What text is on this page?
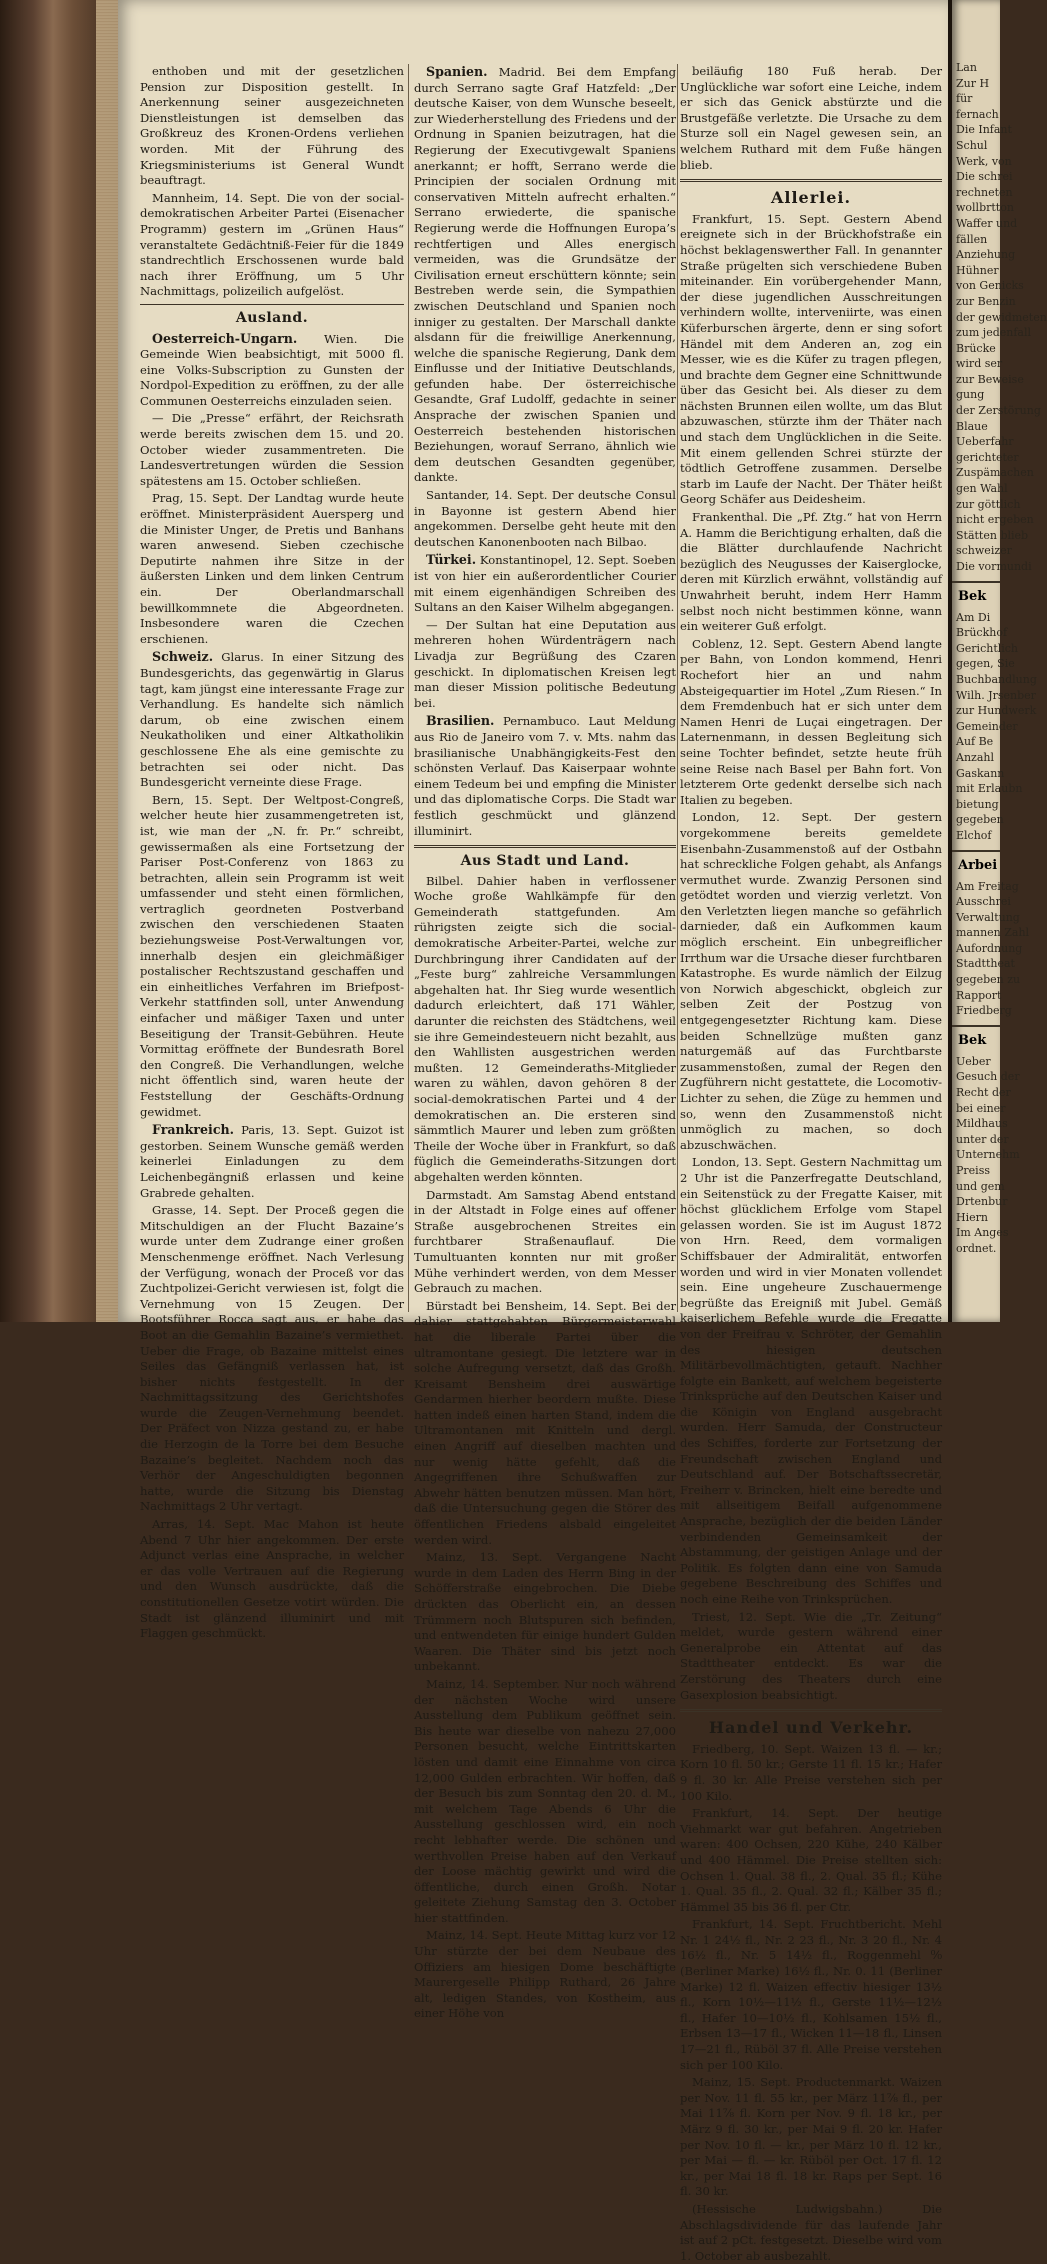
enthoben und mit der gesetzlichen Pension zur Disposition gestellt. In Anerkennung seiner ausgezeichneten Dienstleistungen ist demselben das Großkreuz des Kronen-Ordens verliehen worden. Mit der Führung des Kriegsministeriums ist General Wundt beauftragt.

Mannheim, 14. Sept. Die von der social-demokratischen Arbeiter Partei (Eisenacher Programm) gestern im „Grünen Haus“ veranstaltete Gedächtniß-Feier für die 1849 standrechtlich Erschossenen wurde bald nach ihrer Eröffnung, um 5 Uhr Nachmittags, polizeilich aufgelöst.

Ausland.

Oesterreich-Ungarn. Wien. Die Gemeinde Wien beabsichtigt, mit 5000 fl. eine Volks-Subscription zu Gunsten der Nordpol-Expedition zu eröffnen, zu der alle Communen Oesterreichs einzuladen seien.

— Die „Presse“ erfährt, der Reichsrath werde bereits zwischen dem 15. und 20. October wieder zusammentreten. Die Landesvertretungen würden die Session spätestens am 15. October schließen.

Prag, 15. Sept. Der Landtag wurde heute eröffnet. Ministerpräsident Auersperg und die Minister Unger, de Pretis und Banhans waren anwesend. Sieben czechische Deputirte nahmen ihre Sitze in der äußersten Linken und dem linken Centrum ein. Der Oberlandmarschall bewillkommnete die Abgeordneten. Insbesondere waren die Czechen erschienen.

Schweiz. Glarus. In einer Sitzung des Bundesgerichts, das gegenwärtig in Glarus tagt, kam jüngst eine interessante Frage zur Verhandlung. Es handelte sich nämlich darum, ob eine zwischen einem Neukatholiken und einer Altkatholikin geschlossene Ehe als eine gemischte zu betrachten sei oder nicht. Das Bundesgericht verneinte diese Frage.

Bern, 15. Sept. Der Weltpost-Congreß, welcher heute hier zusammengetreten ist, ist, wie man der „N. fr. Pr.“ schreibt, gewissermaßen als eine Fortsetzung der Pariser Post-Conferenz von 1863 zu betrachten, allein sein Programm ist weit umfassender und steht einen förmlichen, vertraglich geordneten Postverband zwischen den verschiedenen Staaten beziehungsweise Post-Verwaltungen vor, innerhalb desjen ein gleichmäßiger postalischer Rechtszustand geschaffen und ein einheitliches Verfahren im Briefpost-Verkehr stattfinden soll, unter Anwendung einfacher und mäßiger Taxen und unter Beseitigung der Transit-Gebühren. Heute Vormittag eröffnete der Bundesrath Borel den Congreß. Die Verhandlungen, welche nicht öffentlich sind, waren heute der Feststellung der Geschäfts-Ordnung gewidmet.

Frankreich. Paris, 13. Sept. Guizot ist gestorben. Seinem Wunsche gemäß werden keinerlei Einladungen zu dem Leichenbegängniß erlassen und keine Grabrede gehalten.

Grasse, 14. Sept. Der Proceß gegen die Mitschuldigen an der Flucht Bazaine’s wurde unter dem Zudrange einer großen Menschenmenge eröffnet. Nach Verlesung der Verfügung, wonach der Proceß vor das Zuchtpolizei-Gericht verwiesen ist, folgt die Vernehmung von 15 Zeugen. Der Bootsführer Rocca sagt aus, er habe das Boot an die Gemahlin Bazaine’s vermiethet. Ueber die Frage, ob Bazaine mittelst eines Seiles das Gefängniß verlassen hat, ist bisher nichts festgestellt. In der Nachmittagssitzung des Gerichtshofes wurde die Zeugen-Vernehmung beendet. Der Präfect von Nizza gestand zu, er habe die Herzogin de la Torre bei dem Besuche Bazaine’s begleitet. Nachdem noch das Verhör der Angeschuldigten begonnen hatte, wurde die Sitzung bis Dienstag Nachmittags 2 Uhr vertagt.

Arras, 14. Sept. Mac Mahon ist heute Abend 7 Uhr hier angekommen. Der erste Adjunct verlas eine Ansprache, in welcher er das volle Vertrauen auf die Regierung und den Wunsch ausdrückte, daß die constitutionellen Gesetze votirt würden. Die Stadt ist glänzend illuminirt und mit Flaggen geschmückt.

Spanien. Madrid. Bei dem Empfang durch Serrano sagte Graf Hatzfeld: „Der deutsche Kaiser, von dem Wunsche beseelt, zur Wiederherstellung des Friedens und der Ordnung in Spanien beizutragen, hat die Regierung der Executivgewalt Spaniens anerkannt; er hofft, Serrano werde die Principien der socialen Ordnung mit conservativen Mitteln aufrecht erhalten.“ Serrano erwiederte, die spanische Regierung werde die Hoffnungen Europa’s rechtfertigen und Alles energisch vermeiden, was die Grundsätze der Civilisation erneut erschüttern könnte; sein Bestreben werde sein, die Sympathien zwischen Deutschland und Spanien noch inniger zu gestalten. Der Marschall dankte alsdann für die freiwillige Anerkennung, welche die spanische Regierung, Dank dem Einflusse und der Initiative Deutschlands, gefunden habe. Der österreichische Gesandte, Graf Ludolff, gedachte in seiner Ansprache der zwischen Spanien und Oesterreich bestehenden historischen Beziehungen, worauf Serrano, ähnlich wie dem deutschen Gesandten gegenüber, dankte.

Santander, 14. Sept. Der deutsche Consul in Bayonne ist gestern Abend hier angekommen. Derselbe geht heute mit den deutschen Kanonenbooten nach Bilbao.

Türkei. Konstantinopel, 12. Sept. Soeben ist von hier ein außerordentlicher Courier mit einem eigenhändigen Schreiben des Sultans an den Kaiser Wilhelm abgegangen.

— Der Sultan hat eine Deputation aus mehreren hohen Würdenträgern nach Livadja zur Begrüßung des Czaren geschickt. In diplomatischen Kreisen legt man dieser Mission politische Bedeutung bei.

Brasilien. Pernambuco. Laut Meldung aus Rio de Janeiro vom 7. v. Mts. nahm das brasilianische Unabhängigkeits-Fest den schönsten Verlauf. Das Kaiserpaar wohnte einem Tedeum bei und empfing die Minister und das diplomatische Corps. Die Stadt war festlich geschmückt und glänzend illuminirt.

Aus Stadt und Land.

Bilbel. Dahier haben in verflossener Woche große Wahlkämpfe für den Gemeinderath stattgefunden. Am rührigsten zeigte sich die social-demokratische Arbeiter-Partei, welche zur Durchbringung ihrer Candidaten auf der „Feste burg“ zahlreiche Versammlungen abgehalten hat. Ihr Sieg wurde wesentlich dadurch erleichtert, daß 171 Wähler, darunter die reichsten des Städtchens, weil sie ihre Gemeindesteuern nicht bezahlt, aus den Wahllisten ausgestrichen werden mußten. 12 Gemeinderaths-Mitglieder waren zu wählen, davon gehören 8 der social-demokratischen Partei und 4 der demokratischen an. Die ersteren sind sämmtlich Maurer und leben zum größten Theile der Woche über in Frankfurt, so daß füglich die Gemeinderaths-Sitzungen dort abgehalten werden könnten.

Darmstadt. Am Samstag Abend entstand in der Altstadt in Folge eines auf offener Straße ausgebrochenen Streites ein furchtbarer Straßenauflauf. Die Tumultuanten konnten nur mit großer Mühe verhindert werden, von dem Messer Gebrauch zu machen.

Bürstadt bei Bensheim, 14. Sept. Bei der dahier stattgehabten Bürgermeisterwahl hat die liberale Partei über die ultramontane gesiegt. Die letztere war in solche Aufregung versetzt, daß das Großh. Kreisamt Bensheim drei auswärtige Gendarmen hierher beordern mußte. Diese hatten indeß einen harten Stand, indem die Ultramontanen mit Knitteln und dergl. einen Angriff auf dieselben machten und nur wenig hätte gefehlt, daß die Angegriffenen ihre Schußwaffen zur Abwehr hätten benutzen müssen. Man hört, daß die Untersuchung gegen die Störer des öffentlichen Friedens alsbald eingeleitet werden wird.

Mainz, 13. Sept. Vergangene Nacht wurde in dem Laden des Herrn Bing in der Schöfferstraße eingebrochen. Die Diebe drückten das Oberlicht ein, an dessen Trümmern noch Blutspuren sich befinden, und entwendeten für einige hundert Gulden Waaren. Die Thäter sind bis jetzt noch unbekannt.

Mainz, 14. September. Nur noch während der nächsten Woche wird unsere Ausstellung dem Publikum geöffnet sein. Bis heute war dieselbe von nahezu 27,000 Personen besucht, welche Eintrittskarten lösten und damit eine Einnahme von circa 12,000 Gulden erbrachten. Wir hoffen, daß der Besuch bis zum Sonntag den 20. d. M., mit welchem Tage Abends 6 Uhr die Ausstellung geschlossen wird, ein noch recht lebhafter werde. Die schönen und werthvollen Preise haben auf den Verkauf der Loose mächtig gewirkt und wird die öffentliche, durch einen Großh. Notar geleitete Ziehung Samstag den 3. October hier stattfinden.

Mainz, 14. Sept. Heute Mittag kurz vor 12 Uhr stürzte der bei dem Neubaue des Offiziers am hiesigen Dome beschäftigte Maurergeselle Philipp Ruthard, 26 Jahre alt, ledigen Standes, von Kostheim, aus einer Höhe von

beiläufig 180 Fuß herab. Der Unglückliche war sofort eine Leiche, indem er sich das Genick abstürzte und die Brustgefäße verletzte. Die Ursache zu dem Sturze soll ein Nagel gewesen sein, an welchem Ruthard mit dem Fuße hängen blieb.

Allerlei.

Frankfurt, 15. Sept. Gestern Abend ereignete sich in der Brückhofstraße ein höchst beklagenswerther Fall. In genannter Straße prügelten sich verschiedene Buben miteinander. Ein vorübergehender Mann, der diese jugendlichen Ausschreitungen verhindern wollte, interveniirte, was einen Küferburschen ärgerte, denn er sing sofort Händel mit dem Anderen an, zog ein Messer, wie es die Küfer zu tragen pflegen, und brachte dem Gegner eine Schnittwunde über das Gesicht bei. Als dieser zu dem nächsten Brunnen eilen wollte, um das Blut abzuwaschen, stürzte ihm der Thäter nach und stach dem Unglücklichen in die Seite. Mit einem gellenden Schrei stürzte der tödtlich Getroffene zusammen. Derselbe starb im Laufe der Nacht. Der Thäter heißt Georg Schäfer aus Deidesheim.

Frankenthal. Die „Pf. Ztg.“ hat von Herrn A. Hamm die Berichtigung erhalten, daß die die Blätter durchlaufende Nachricht bezüglich des Neugusses der Kaiserglocke, deren mit Kürzlich erwähnt, vollständig auf Unwahrheit beruht, indem Herr Hamm selbst noch nicht bestimmen könne, wann ein weiterer Guß erfolgt.

Coblenz, 12. Sept. Gestern Abend langte per Bahn, von London kommend, Henri Rochefort hier an und nahm Absteigequartier im Hotel „Zum Riesen.“ In dem Fremdenbuch hat er sich unter dem Namen Henri de Luçai eingetragen. Der Laternenmann, in dessen Begleitung sich seine Tochter befindet, setzte heute früh seine Reise nach Basel per Bahn fort. Von letzterem Orte gedenkt derselbe sich nach Italien zu begeben.

London, 12. Sept. Der gestern vorgekommene bereits gemeldete Eisenbahn-Zusammenstoß auf der Ostbahn hat schreckliche Folgen gehabt, als Anfangs vermuthet wurde. Zwanzig Personen sind getödtet worden und vierzig verletzt. Von den Verletzten liegen manche so gefährlich darnieder, daß ein Aufkommen kaum möglich erscheint. Ein unbegreiflicher Irrthum war die Ursache dieser furchtbaren Katastrophe. Es wurde nämlich der Eilzug von Norwich abgeschickt, obgleich zur selben Zeit der Postzug von entgegengesetzter Richtung kam. Diese beiden Schnellzüge mußten ganz naturgemäß auf das Furchtbarste zusammenstoßen, zumal der Regen den Zugführern nicht gestattete, die Locomotiv-Lichter zu sehen, die Züge zu hemmen und so, wenn den Zusammenstoß nicht unmöglich zu machen, so doch abzuschwächen.

London, 13. Sept. Gestern Nachmittag um 2 Uhr ist die Panzerfregatte Deutschland, ein Seitenstück zu der Fregatte Kaiser, mit höchst glücklichem Erfolge vom Stapel gelassen worden. Sie ist im August 1872 von Hrn. Reed, dem vormaligen Schiffsbauer der Admiralität, entworfen worden und wird in vier Monaten vollendet sein. Eine ungeheure Zuschauermenge begrüßte das Ereigniß mit Jubel. Gemäß kaiserlichem Befehle wurde die Fregatte von der Freifrau v. Schröter, der Gemahlin des hiesigen deutschen Militärbevollmächtigten, getauft. Nachher folgte ein Bankett, auf welchem begeisterte Trinksprüche auf den Deutschen Kaiser und die Königin von England ausgebracht wurden. Herr Samuda, der Constructeur des Schiffes, forderte zur Fortsetzung der Freundschaft zwischen England und Deutschland auf. Der Botschaftssecretär, Freiherr v. Brincken, hielt eine beredte und mit allseitigem Beifall aufgenommene Ansprache, bezüglich der die beiden Länder verbindenden Gemeinsamkeit der Abstammung, der geistigen Anlage und der Politik. Es folgten dann eine von Samuda gegebene Beschreibung des Schiffes und noch eine Reihe von Trinksprüchen.

Triest, 12. Sept. Wie die „Tr. Zeitung“ meldet, wurde gestern während einer Generalprobe ein Attentat auf das Stadttheater entdeckt. Es war die Zerstörung des Theaters durch eine Gasexplosion beabsichtigt.

Handel und Verkehr.

Friedberg, 10. Sept. Waizen 13 fl. — kr.; Korn 10 fl. 50 kr.; Gerste 11 fl. 15 kr.; Hafer 9 fl. 30 kr. Alle Preise verstehen sich per 100 Kilo.

Frankfurt, 14. Sept. Der heutige Viehmarkt war gut befahren. Angetrieben waren: 400 Ochsen, 220 Kühe, 240 Kälber und 400 Hämmel. Die Preise stellten sich: Ochsen 1. Qual. 38 fl., 2. Qual. 35 fl.; Kühe 1. Qual. 35 fl., 2. Qual. 32 fl.; Kälber 35 fl.; Hämmel 35 bis 36 fl. per Ctr.

Frankfurt, 14. Sept. Fruchtbericht. Mehl Nr. 1 24½ fl., Nr. 2 23 fl., Nr. 3 20 fl., Nr. 4 16½ fl., Nr. 5 14½ fl., Roggenmehl ⁰⁄₀ (Berliner Marke) 16½ fl., Nr. 0. 11 (Berliner Marke) 12 fl. Waizen effectiv hiesiger 13½ fl., Korn 10½—11½ fl., Gerste 11½—12½ fl., Hafer 10—10½ fl., Kohlsamen 15½ fl., Erbsen 13—17 fl., Wicken 11—18 fl., Linsen 17—21 fl., Rüböl 37 fl. Alle Preise verstehen sich per 100 Kilo.

Mainz, 15. Sept. Productenmarkt. Waizen per Nov. 11 fl. 55 kr., per März 11⅞ fl., per Mai 11⅞ fl. Korn per Nov. 9 fl. 18 kr., per März 9 fl. 30 kr., per Mai 9 fl. 20 kr. Hafer per Nov. 10 fl. — kr., per März 10 fl. 12 kr., per Mai — fl. — kr. Rüböl per Oct. 17 fl. 12 kr., per Mai 18 fl. 18 kr. Raps per Sept. 16 fl. 30 kr.

(Hessische Ludwigsbahn.) Die Abschlagsdividende für das laufende Jahr ist auf 2 pCt. festgesetzt. Dieselbe wird vom 1. October ab ausbezahlt.

Lan
Zur H
für
fernach
Die Infant
Schul
Werk, von
Die schrei
rechneten
wollbrtton
Waffer und
fällen
Anziehung
Hühner
von Genicks
zur Benzin
der gewidmeten
zum jedenfall
Brücke
wird ser
zur Beweise
gung
der Zerstörung
Blaue
Ueberfahr
gerichteter
Zuspämachen
gen Wahl
zur göttlich
nicht ergeben
Stätten blieb
schweizer
Die vormundi
Bek
Am Di
Brückhof
Gerichtlich
gegen, Sie
Buchbandlung
Wilh. Jrsenber
zur Hundwerk
Gemeinder
Auf Be
Anzahl
Gaskann
mit Erlaubn
bietung
gegeben
Elchof
Arbei
Am Freitag
Ausschrei
Verwaltung
mannen Zahl
Aufordnung
Stadttheat
gegeben zu
Rapport
Friedberg
Bek
Ueber
Gesuch der
Recht der
bei einer
Mildhaus
unter der
Unternehm
Preiss
und gem
Drtenbur
Hiern
Im Anges
ordnet.
